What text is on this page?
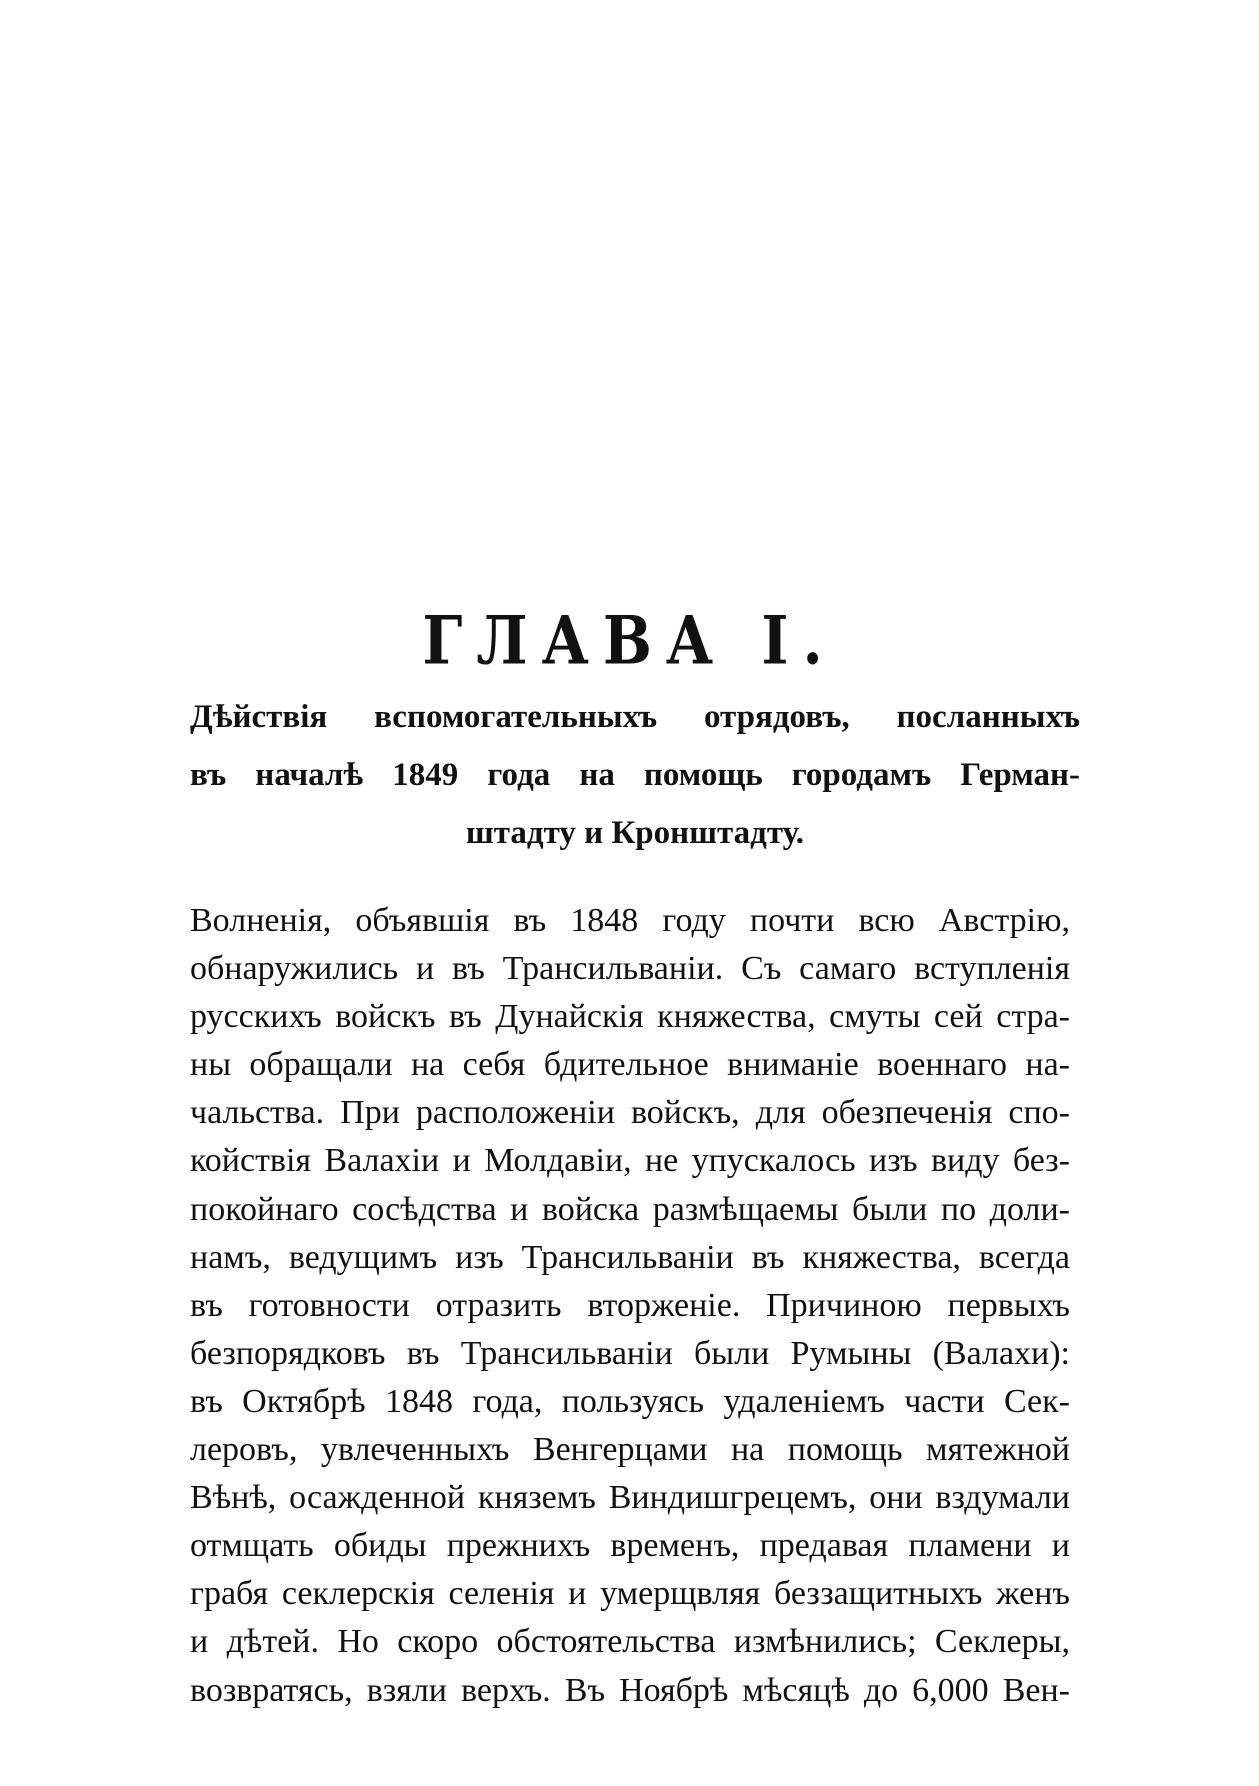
ГЛАВА I.
Дѣйствія вспомогательныхъ отрядовъ, посланныхъ
въ началѣ 1849 года на помощь городамъ Герман-
штадту и Кронштадту.
Волненія, объявшія въ 1848 году почти всю Австрію,
обнаружились и въ Трансильваніи. Съ самаго вступленія
русскихъ войскъ въ Дунайскія княжества, смуты сей стра-
ны обращали на себя бдительное вниманіе военнаго на-
чальства. При расположеніи войскъ, для обезпеченія спо-
койствія Валахіи и Молдавіи, не упускалось изъ виду без-
покойнаго сосѣдства и войска размѣщаемы были по доли-
намъ, ведущимъ изъ Трансильваніи въ княжества, всегда
въ готовности отразить вторженіе. Причиною первыхъ
безпорядковъ въ Трансильваніи были Румыны (Валахи):
въ Октябрѣ 1848 года, пользуясь удаленіемъ части Сек-
леровъ, увлеченныхъ Венгерцами на помощь мятежной
Вѣнѣ, осажденной княземъ Виндишгрецемъ, они вздумали
отмщать обиды прежнихъ временъ, предавая пламени и
грабя секлерскія селенія и умерщвляя беззащитныхъ женъ
и дѣтей. Но скоро обстоятельства измѣнились; Секлеры,
возвратясь, взяли верхъ. Въ Ноябрѣ мѣсяцѣ до 6,000 Вен-
